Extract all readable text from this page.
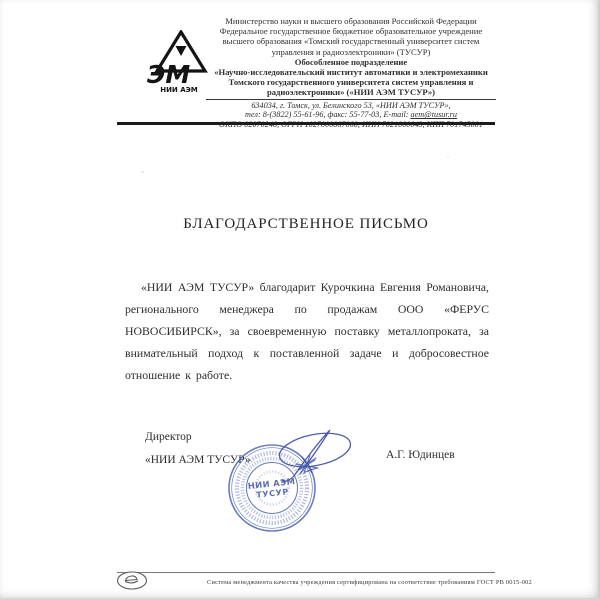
ЭМ
НИИ АЭМ
Министерство науки и высшего образования Российской Федерации
Федеральное государственное бюджетное образовательное учреждение
высшего образования «Томский государственный университет систем
управления и радиоэлектроники» (ТУСУР)
Обособленное подразделение
«Научно-исследовательский институт автоматики и электромеханики
Томского государственного университета систем управления и
радиоэлектроники» («НИИ АЭМ ТУСУР»)
634034, г. Томск, ул. Белинского 53, «НИИ АЭМ ТУСУР»,
тел: 8-(3822) 55-61-96, факс: 55-77-03, E-mail: aem@tusur.ru
БЛАГОДАРСТВЕННОЕ ПИСЬМО
«НИИ АЭМ ТУСУР» благодарит Курочкина Евгения Романовича, регионального менеджера по продажам ООО «ФЕРУС НОВОСИБИРСК», за своевременную поставку металлопроката, за внимательный подход к поставленной задаче и добросовестное отношение к работе.
Директор
«НИИ АЭМ ТУСУР»	А.Г. Юдинцев
НИИ АЭМ
ТУСУР
Система менеджмента качества учреждения сертифицирована на соответствие требованиям ГОСТ РВ 0015-002
